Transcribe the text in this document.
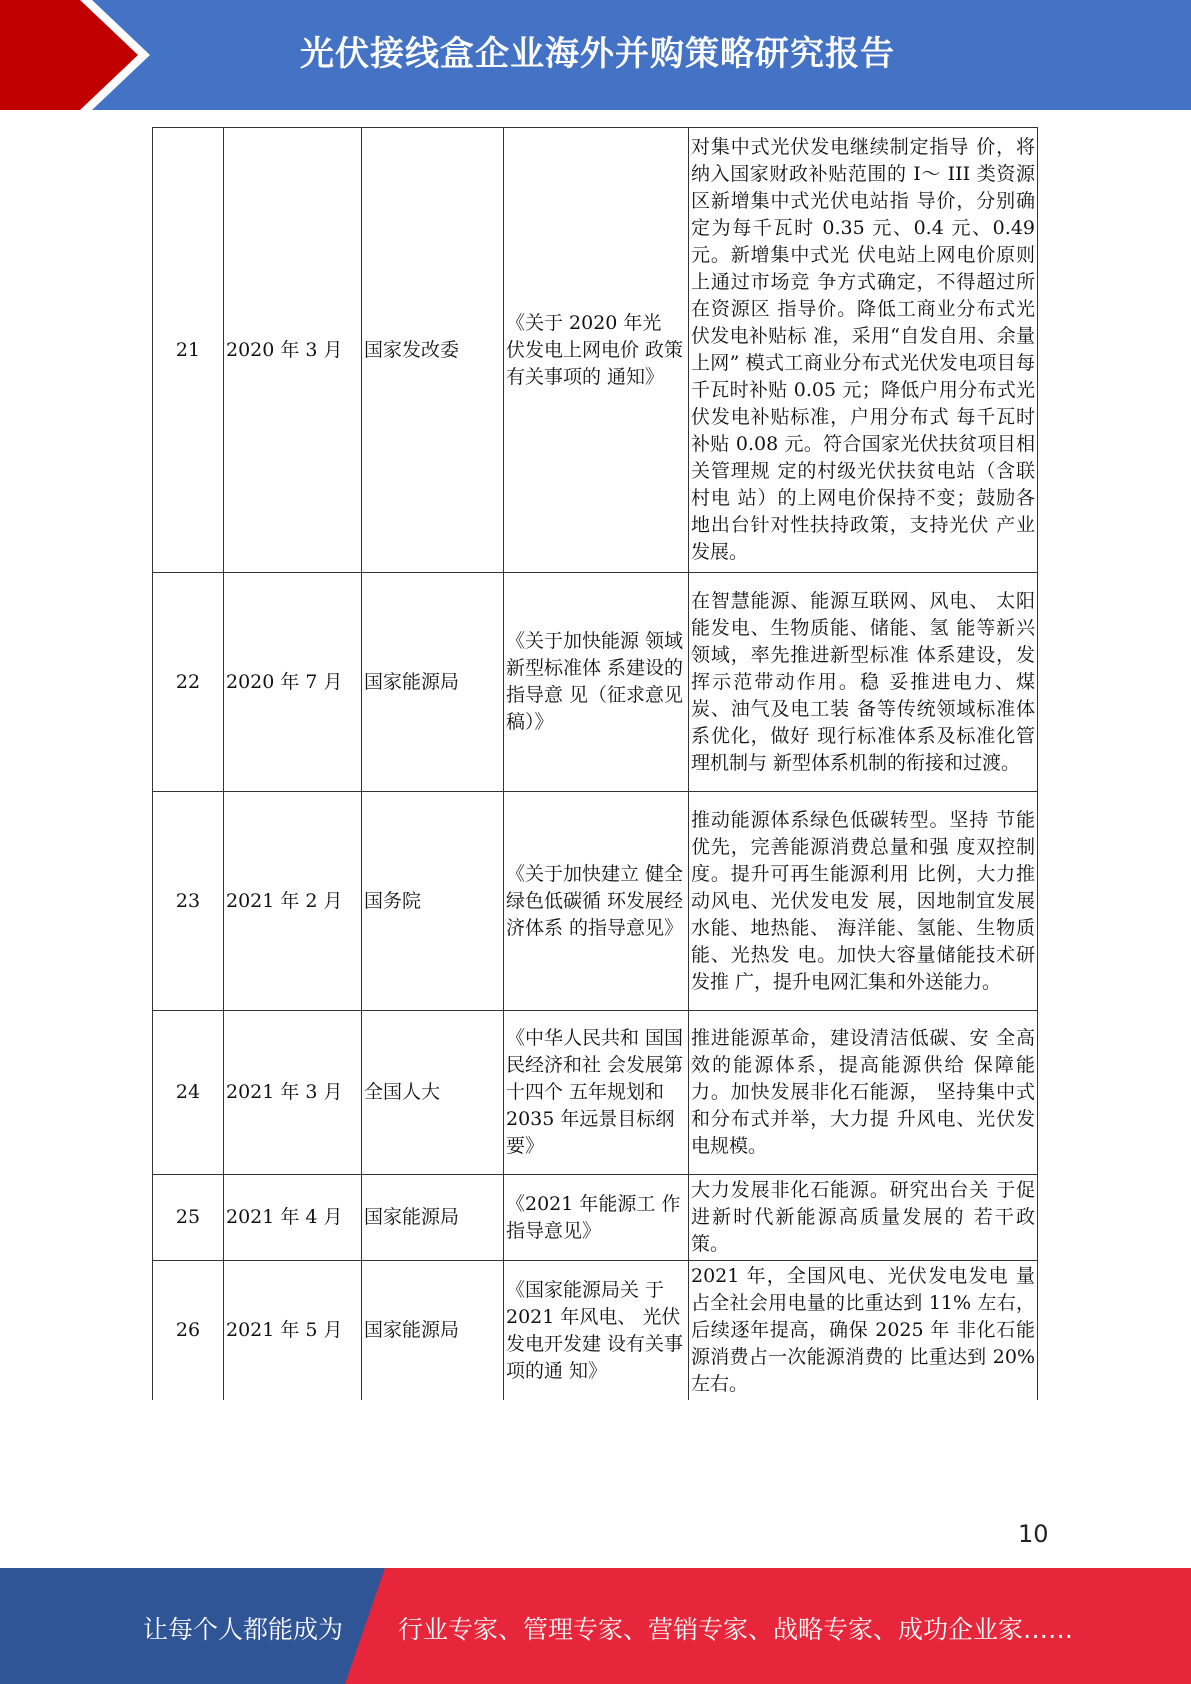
光伏接线盒企业海外并购策略研究报告
21	2020 年 3 月	国家发改委	《关于 2020 年光 伏发电上网电价 政策有关事项的 通知》	对集中式光伏发电继续制定指导 价，将纳入国家财政补贴范围的 I～ III 类资源区新增集中式光伏电站指 导价，分别确定为每千瓦时 0.35 元、0.4 元、0.49 元。新增集中式光 伏电站上网电价原则上通过市场竞 争方式确定，不得超过所在资源区 指导价。降低工商业分布式光伏发电补贴标 准，采用“自发自用、余量上网” 模式工商业分布式光伏发电项目每 千瓦时补贴 0.05 元；降低户用分布式光伏发电补贴标准，户用分布式 每千瓦时补贴 0.08 元。符合国家光伏扶贫项目相关管理规 定的村级光伏扶贫电站（含联村电 站）的上网电价保持不变；鼓励各 地出台针对性扶持政策，支持光伏 产业发展。
22	2020 年 7 月	国家能源局	《关于加快能源 领域新型标准体 系建设的指导意 见（征求意见 稿）》	在智慧能源、能源互联网、风电、 太阳能发电、生物质能、储能、氢 能等新兴领域，率先推进新型标准 体系建设，发挥示范带动作用。稳 妥推进电力、煤炭、油气及电工装 备等传统领域标准体系优化，做好 现行标准体系及标准化管理机制与 新型体系机制的衔接和过渡。
23	2021 年 2 月	国务院	《关于加快建立 健全绿色低碳循 环发展经济体系 的指导意见》	推动能源体系绿色低碳转型。坚持 节能优先，完善能源消费总量和强 度双控制度。提升可再生能源利用 比例，大力推动风电、光伏发电发 展，因地制宜发展水能、地热能、 海洋能、氢能、生物质能、光热发 电。加快大容量储能技术研发推 广，提升电网汇集和外送能力。
24	2021 年 3 月	全国人大	《中华人民共和 国国民经济和社 会发展第十四个 五年规划和 2035 年远景目标纲 要》	推进能源革命，建设清洁低碳、安 全高效的能源体系，提高能源供给 保障能力。加快发展非化石能源， 坚持集中式和分布式并举，大力提 升风电、光伏发电规模。
25	2021 年 4 月	国家能源局	《2021 年能源工 作指导意见》	大力发展非化石能源。研究出台关 于促进新时代新能源高质量发展的 若干政策。
26	2021 年 5 月	国家能源局	《国家能源局关 于 2021 年风电、 光伏发电开发建 设有关事项的通 知》	2021 年，全国风电、光伏发电发电 量占全社会用电量的比重达到 11% 左右，后续逐年提高，确保 2025 年 非化石能源消费占一次能源消费的 比重达到 20%左右。
10
让每个人都能成为 行业专家、管理专家、营销专家、战略专家、成功企业家……
